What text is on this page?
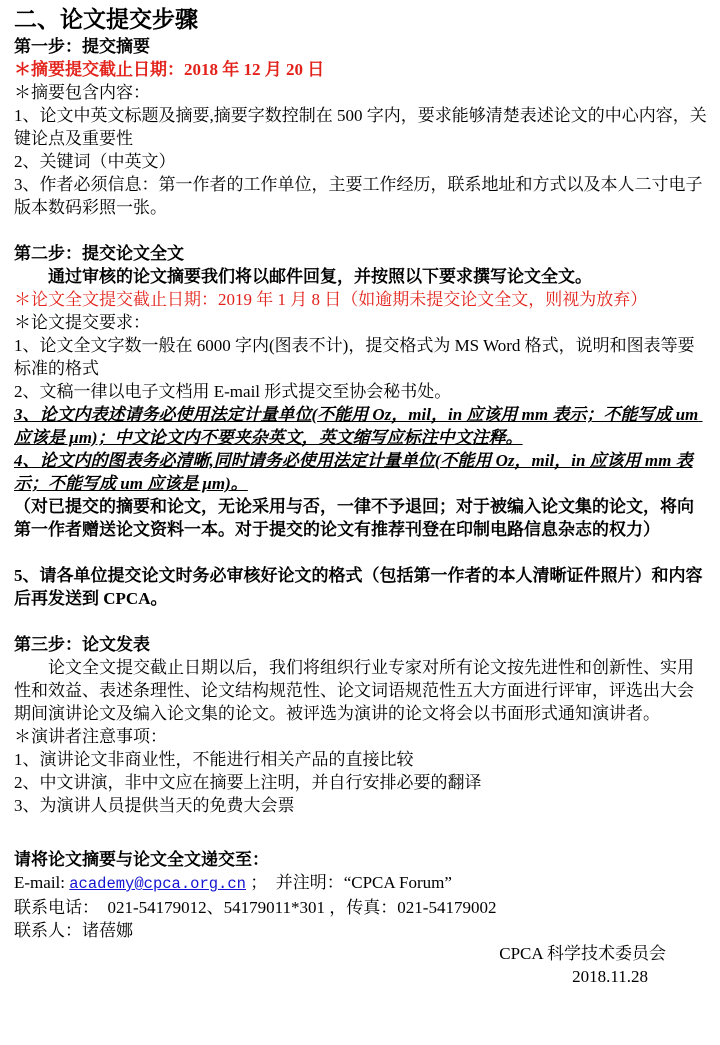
二、论文提交步骤
第一步：提交摘要
＊摘要提交截止日期：2018 年 12 月 20 日
＊摘要包含内容：
1、论文中英文标题及摘要,摘要字数控制在 500 字内，要求能够清楚表述论文的中心内容，关键论点及重要性
2、关键词（中英文）
3、作者必须信息：第一作者的工作单位，主要工作经历，联系地址和方式以及本人二寸电子版本数码彩照一张。
第二步：提交论文全文
通过审核的论文摘要我们将以邮件回复，并按照以下要求撰写论文全文。
＊论文全文提交截止日期：2019 年 1 月 8 日（如逾期未提交论文全文，则视为放弃）
＊论文提交要求：
1、论文全文字数一般在 6000 字内(图表不计)，提交格式为 MS Word 格式，说明和图表等要标准的格式
2、文稿一律以电子文档用 E-mail 形式提交至协会秘书处。
3、论文内表述请务必使用法定计量单位(不能用 Oz，mil，in 应该用 mm 表示；不能写成 um 应该是 μm)；中文论文内不要夹杂英文，英文缩写应标注中文注释。
4、论文内的图表务必清晰,同时请务必使用法定计量单位(不能用 Oz，mil，in 应该用 mm 表示；不能写成 um 应该是 μm)。
（对已提交的摘要和论文，无论采用与否，一律不予退回；对于被编入论文集的论文，将向第一作者赠送论文资料一本。对于提交的论文有推荐刊登在印制电路信息杂志的权力）
5、请各单位提交论文时务必审核好论文的格式（包括第一作者的本人清晰证件照片）和内容后再发送到 CPCA。
第三步：论文发表
论文全文提交截止日期以后，我们将组织行业专家对所有论文按先进性和创新性、实用性和效益、表述条理性、论文结构规范性、论文词语规范性五大方面进行评审，评选出大会期间演讲论文及编入论文集的论文。被评选为演讲的论文将会以书面形式通知演讲者。
＊演讲者注意事项：
1、演讲论文非商业性，不能进行相关产品的直接比较
2、中文讲演，非中文应在摘要上注明，并自行安排必要的翻译
3、为演讲人员提供当天的免费大会票
请将论文摘要与论文全文递交至：
E-mail: academy@cpca.org.cn ；  并注明：“CPCA Forum”
联系电话：  021-54179012、54179011*301 ，传真：021-54179002
联系人：诸蓓娜
CPCA 科学技术委员会
2018.11.28
